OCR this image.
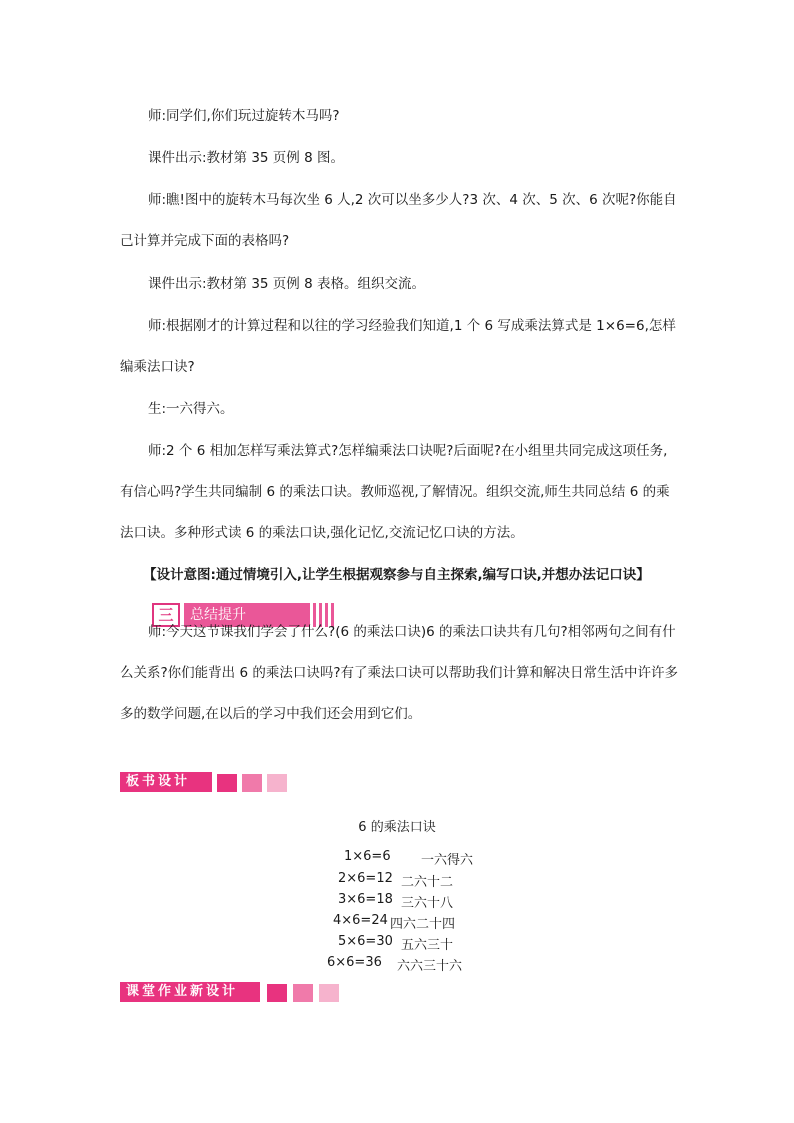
师:同学们,你们玩过旋转木马吗?

课件出示:教材第 35 页例 8 图。

师:瞧!图中的旋转木马每次坐 6 人,2 次可以坐多少人?3 次、4 次、5 次、6 次呢?你能自己计算并完成下面的表格吗?

课件出示:教材第 35 页例 8 表格。组织交流。

师:根据刚才的计算过程和以往的学习经验我们知道,1 个 6 写成乘法算式是 1×6=6,怎样编乘法口诀?

生:一六得六。

师:2 个 6 相加怎样写乘法算式?怎样编乘法口诀呢?后面呢?在小组里共同完成这项任务,有信心吗?学生共同编制 6 的乘法口诀。教师巡视,了解情况。组织交流,师生共同总结 6 的乘法口诀。多种形式读 6 的乘法口诀,强化记忆,交流记忆口诀的方法。

【设计意图:通过情境引入,让学生根据观察参与自主探索,编写口诀,并想办法记口诀】
三	总结提升

师:今天这节课我们学会了什么?(6 的乘法口诀)6 的乘法口诀共有几句?相邻两句之间有什么关系?你们能背出 6 的乘法口诀吗?有了乘法口诀可以帮助我们计算和解决日常生活中许许多多的数学问题,在以后的学习中我们还会用到它们。

板书设计
6 的乘法口诀
1×6=6 一六得六
2×6=12 二六十二
3×6=18 三六十八
4×6=24 四六二十四
5×6=30 五六三十
6×6=36 六六三十六
课堂作业新设计
